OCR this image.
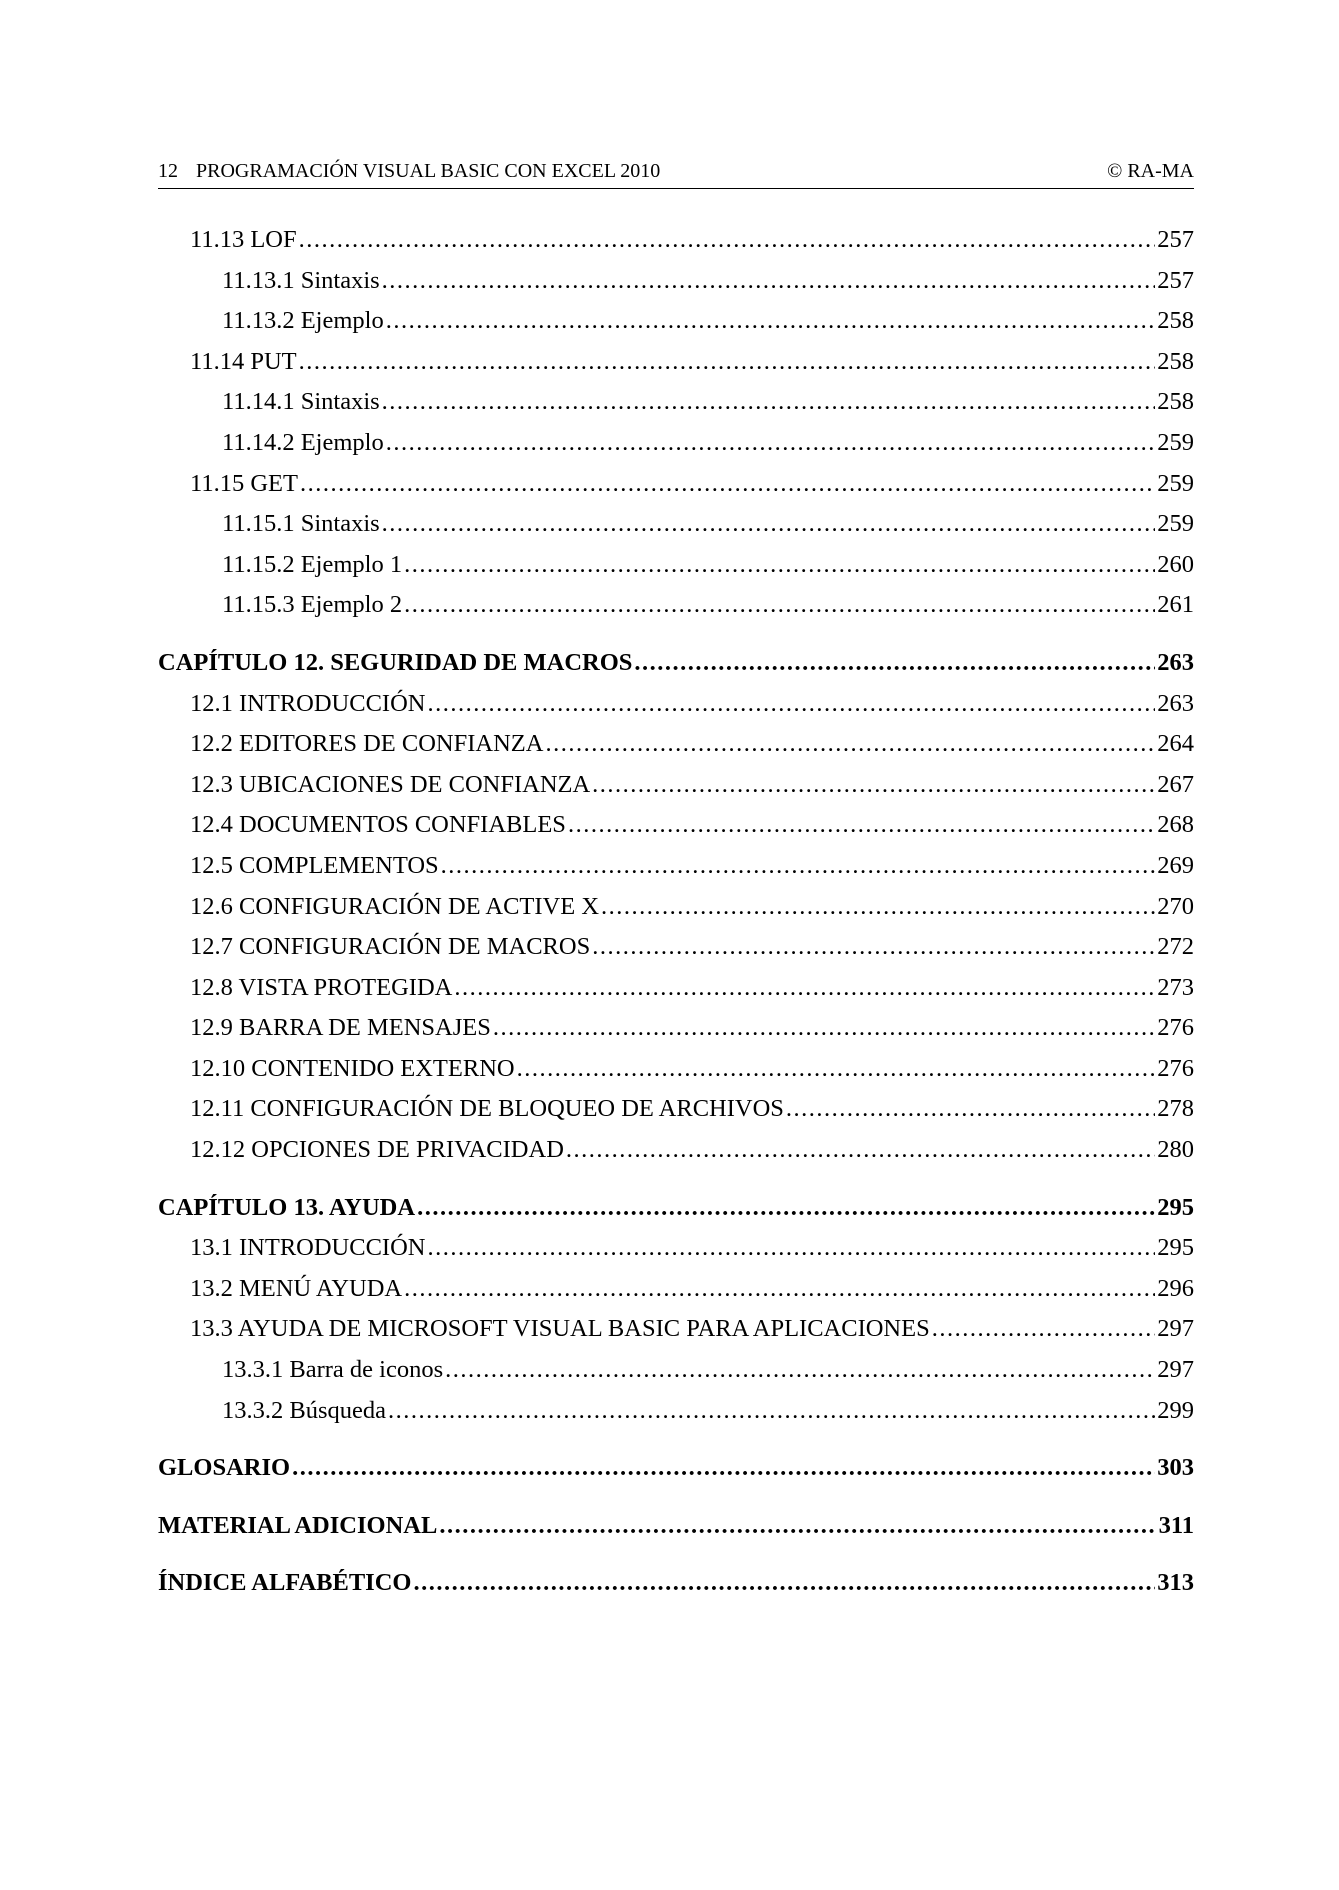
12 PROGRAMACIÓN VISUAL BASIC CON EXCEL 2010	© RA-MA
11.13 LOF .....	257
11.13.1 Sintaxis .....	257
11.13.2 Ejemplo .....	258
11.14 PUT .....	258
11.14.1 Sintaxis .....	258
11.14.2 Ejemplo .....	259
11.15 GET .....	259
11.15.1 Sintaxis .....	259
11.15.2 Ejemplo 1 .....	260
11.15.3 Ejemplo 2 .....	261
CAPÍTULO 12. SEGURIDAD DE MACROS .....	263
12.1 INTRODUCCIÓN .....	263
12.2 EDITORES DE CONFIANZA .....	264
12.3 UBICACIONES DE CONFIANZA .....	267
12.4 DOCUMENTOS CONFIABLES .....	268
12.5 COMPLEMENTOS .....	269
12.6 CONFIGURACIÓN DE ACTIVE X .....	270
12.7 CONFIGURACIÓN DE MACROS .....	272
12.8 VISTA PROTEGIDA .....	273
12.9 BARRA DE MENSAJES .....	276
12.10 CONTENIDO EXTERNO .....	276
12.11 CONFIGURACIÓN DE BLOQUEO DE ARCHIVOS .....	278
12.12 OPCIONES DE PRIVACIDAD .....	280
CAPÍTULO 13. AYUDA .....	295
13.1 INTRODUCCIÓN .....	295
13.2 MENÚ AYUDA .....	296
13.3 AYUDA DE MICROSOFT VISUAL BASIC PARA APLICACIONES .....	297
13.3.1 Barra de iconos .....	297
13.3.2 Búsqueda .....	299
GLOSARIO .....	303
MATERIAL ADICIONAL .....	311
ÍNDICE ALFABÉTICO .....	313
